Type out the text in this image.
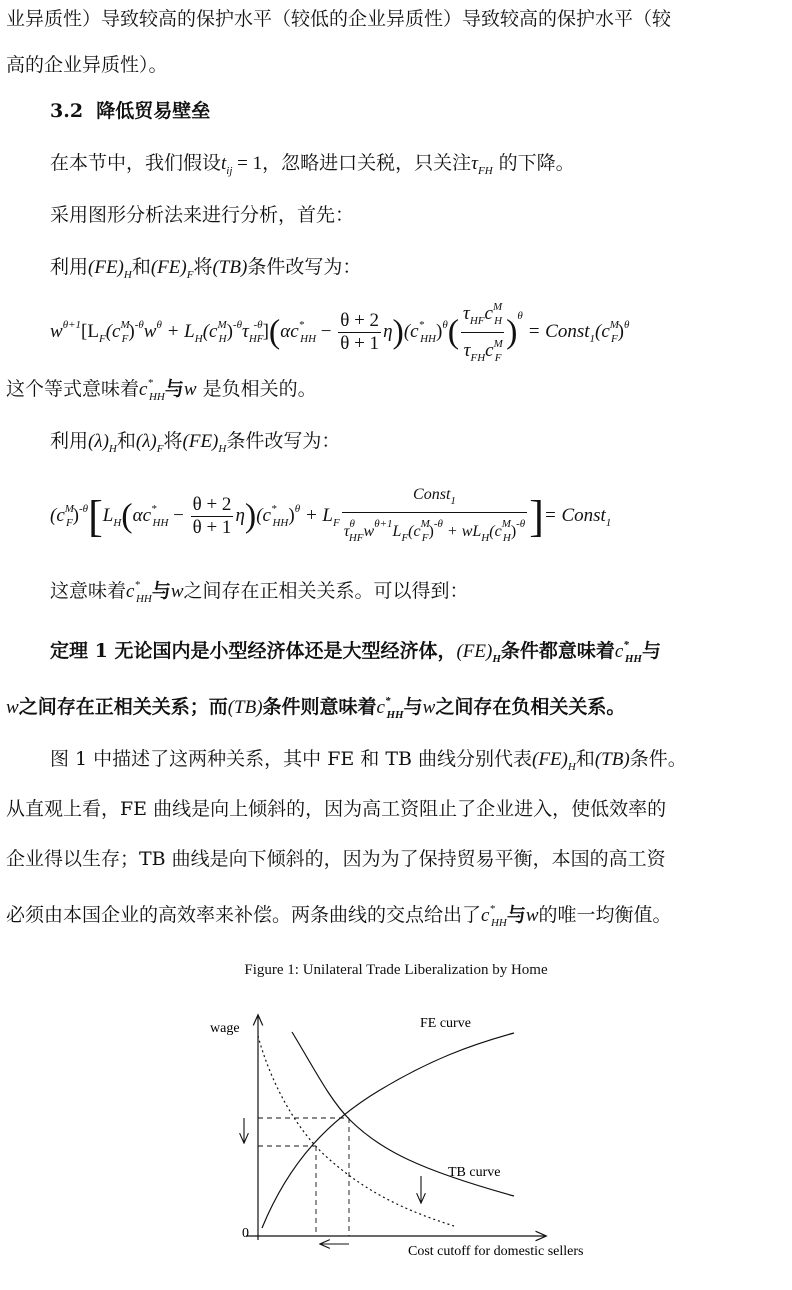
业异质性）导致较高的保护水平（较低的企业异质性）导致较高的保护水平（较
高的企业异质性）。
3.2 降低贸易壁垒
在本节中，我们假设$t_{ij} = 1$，忽略进口关税，只关注$\tau_{FH}$ 的下降。
采用图形分析法来进行分析，首先：
利用$(FE)_H$和$(FE)_F$将(TB)条件改写为：
$w^{\theta+1}[L_F(c^M_F)^{-\theta}w^\theta + L_H(c^M_H)^{-\theta}\tau_{HF}^{-\theta}](\alpha c^*_{HH} - \frac{\theta + 2}{\theta + 1} \eta)(c^*_{HH})^\theta( \frac{\tau_{HF}c^M_H}{\tau_{FH}c^M_F} )^\theta$ = $Const_1(c^M_F)^\theta$
这个等式意味着$c^*_{HH}$与w 是负相关的。
利用$(\lambda)_H$和$(\lambda)_F$将$(FE)_H$条件改写为：
$(c^M_F)^{-\theta}[L_H(\alpha c^*_{HH} - \frac{\theta + 2}{\theta + 1} \eta)(c^*_{HH})^\theta + L_F \frac{Const_1}{\tau^\theta_{HF}w^{\theta+1}L_F(c^M_F)^{-\theta} + wL_H(c^M_H)^{-\theta}}$ ]= Const$_1$
这意味着$c^*_{HH}$与w之间存在正相关关系。可以得到：
定理 1 无论国内是小型经济体还是大型经济体，$(FE)_H$条件都意味着$c^*_{HH}$与
w之间存在正相关关系；而(TB)条件则意味着$c^*_{HH}$与w之间存在负相关关系。
图 1 中描述了这两种关系，其中 FE 和 TB 曲线分别代表$(FE)_H$和(TB)条件。
从直观上看，FE 曲线是向上倾斜的，因为高工资阻止了企业进入，使低效率的
企业得以生存；TB 曲线是向下倾斜的，因为为了保持贸易平衡，本国的高工资
必须由本国企业的高效率来补偿。两条曲线的交点给出了$c^*_{HH}$与w的唯一均衡值。
Figure 1: Unilateral Trade Liberalization by Home
wage
0
Cost cutoff for domestic sellers
FE curve
TB curve
